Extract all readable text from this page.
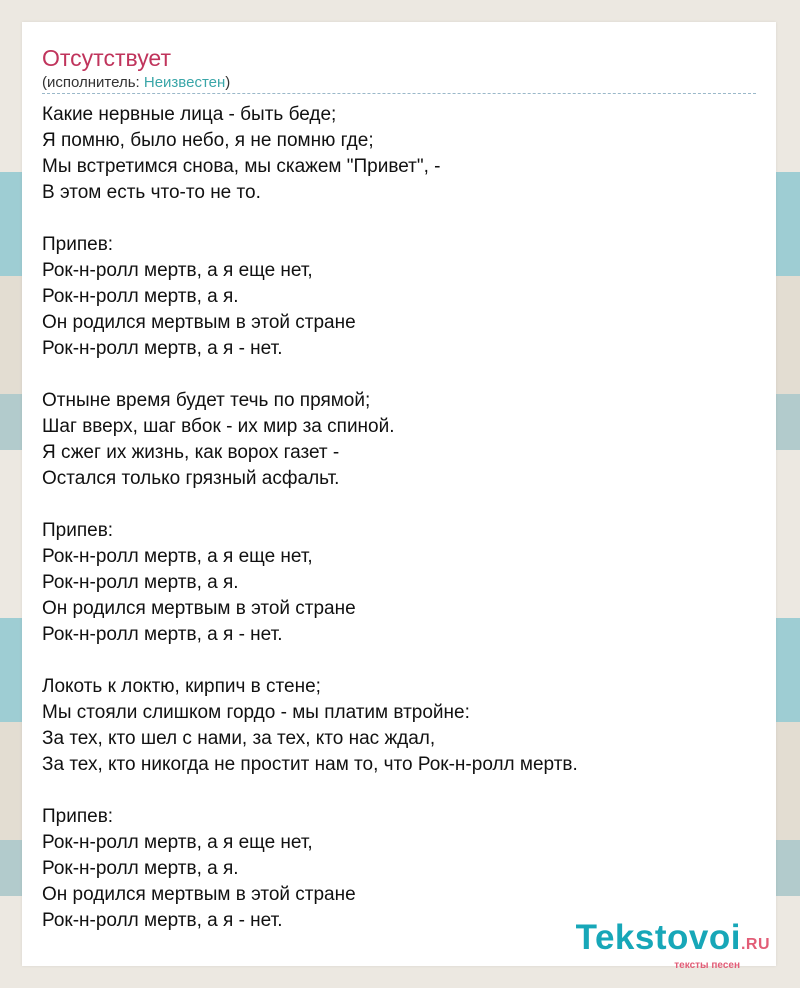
Отсутствует
(исполнитель: Неизвестен)
Какие нервные лица - быть беде;
Я помню, было небо, я не помню где;
Мы встретимся снова, мы скажем "Привет", -
В этом есть что-то не то.
Припев:
Рок-н-ролл мертв, а я еще нет,
Рок-н-ролл мертв, а я.
Он родился мертвым в этой стране
Рок-н-ролл мертв, а я - нет.
Отныне время будет течь по прямой;
Шаг вверх, шаг вбок - их мир за спиной.
Я сжег их жизнь, как ворох газет -
Остался только грязный асфальт.
Припев:
Рок-н-ролл мертв, а я еще нет,
Рок-н-ролл мертв, а я.
Он родился мертвым в этой стране
Рок-н-ролл мертв, а я - нет.
Локоть к локтю, кирпич в стене;
Мы стояли слишком гордо - мы платим втройне:
За тех, кто шел с нами, за тех, кто нас ждал,
За тех, кто никогда не простит нам то, что Рок-н-ролл мертв.
Припев:
Рок-н-ролл мертв, а я еще нет,
Рок-н-ролл мертв, а я.
Он родился мертвым в этой стране
Рок-н-ролл мертв, а я - нет.	Tekstovoi.RU
тексты песен
